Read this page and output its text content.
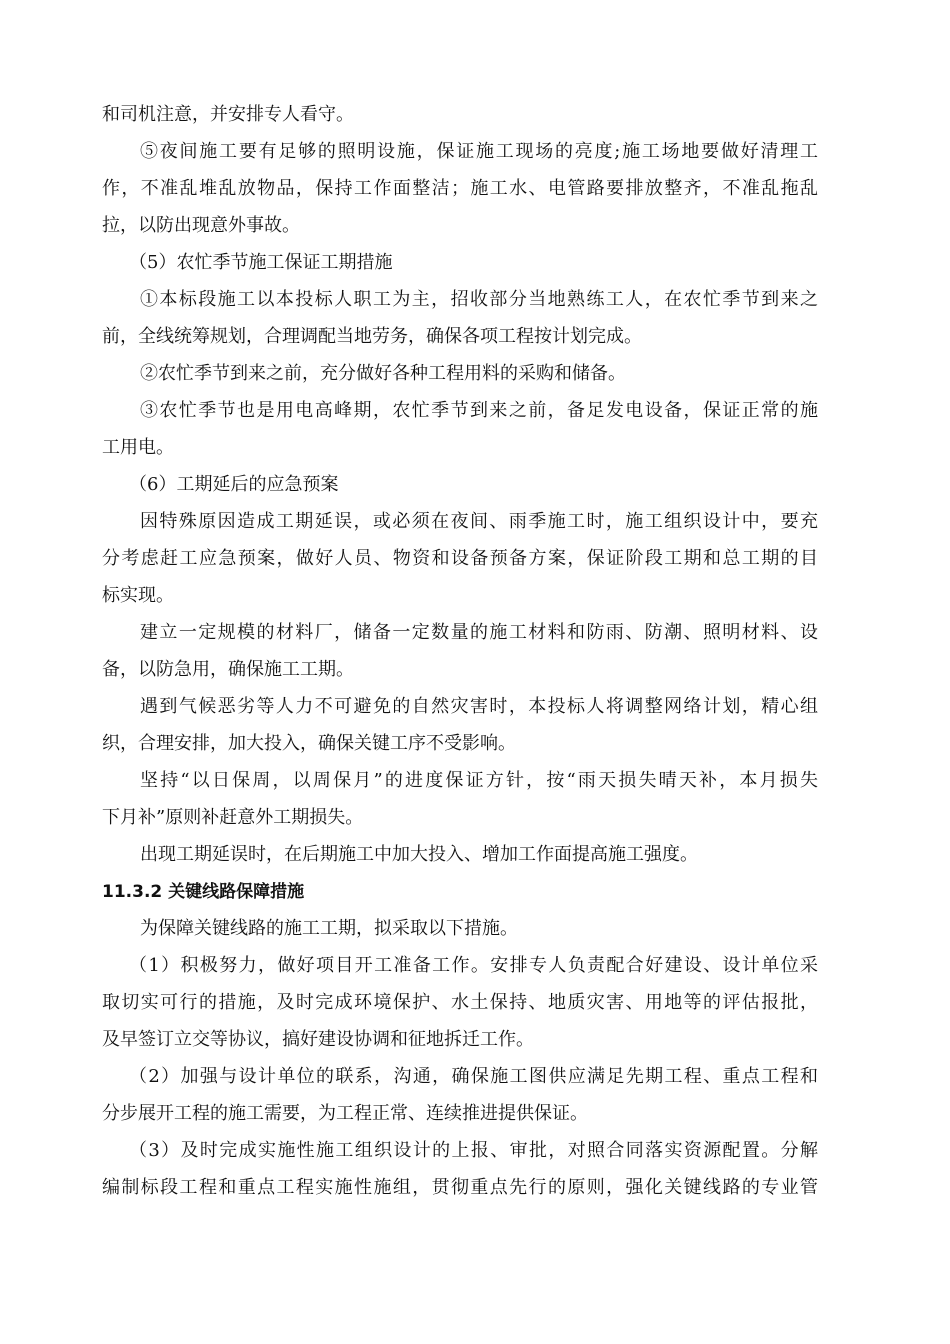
和司机注意，并安排专人看守。
⑤夜间施工要有足够的照明设施，保证施工现场的亮度;施工场地要做好清理工
作，不准乱堆乱放物品，保持工作面整洁；施工水、电管路要排放整齐，不准乱拖乱
拉，以防出现意外事故。
（5）农忙季节施工保证工期措施
①本标段施工以本投标人职工为主，招收部分当地熟练工人，在农忙季节到来之
前，全线统筹规划，合理调配当地劳务，确保各项工程按计划完成。
②农忙季节到来之前，充分做好各种工程用料的采购和储备。
③农忙季节也是用电高峰期，农忙季节到来之前，备足发电设备，保证正常的施
工用电。
（6）工期延后的应急预案
因特殊原因造成工期延误，或必须在夜间、雨季施工时，施工组织设计中，要充
分考虑赶工应急预案，做好人员、物资和设备预备方案，保证阶段工期和总工期的目
标实现。
建立一定规模的材料厂，储备一定数量的施工材料和防雨、防潮、照明材料、设
备，以防急用，确保施工工期。
遇到气候恶劣等人力不可避免的自然灾害时，本投标人将调整网络计划，精心组
织，合理安排，加大投入，确保关键工序不受影响。
坚持“以日保周，以周保月”的进度保证方针，按“雨天损失晴天补，本月损失
下月补”原则补赶意外工期损失。
出现工期延误时，在后期施工中加大投入、增加工作面提高施工强度。
11.3.2 关键线路保障措施
为保障关键线路的施工工期，拟采取以下措施。
（1）积极努力，做好项目开工准备工作。安排专人负责配合好建设、设计单位采
取切实可行的措施，及时完成环境保护、水土保持、地质灾害、用地等的评估报批，
及早签订立交等协议，搞好建设协调和征地拆迁工作。
（2）加强与设计单位的联系，沟通，确保施工图供应满足先期工程、重点工程和
分步展开工程的施工需要，为工程正常、连续推进提供保证。
（3）及时完成实施性施工组织设计的上报、审批，对照合同落实资源配置。分解
编制标段工程和重点工程实施性施组，贯彻重点先行的原则，强化关键线路的专业管
